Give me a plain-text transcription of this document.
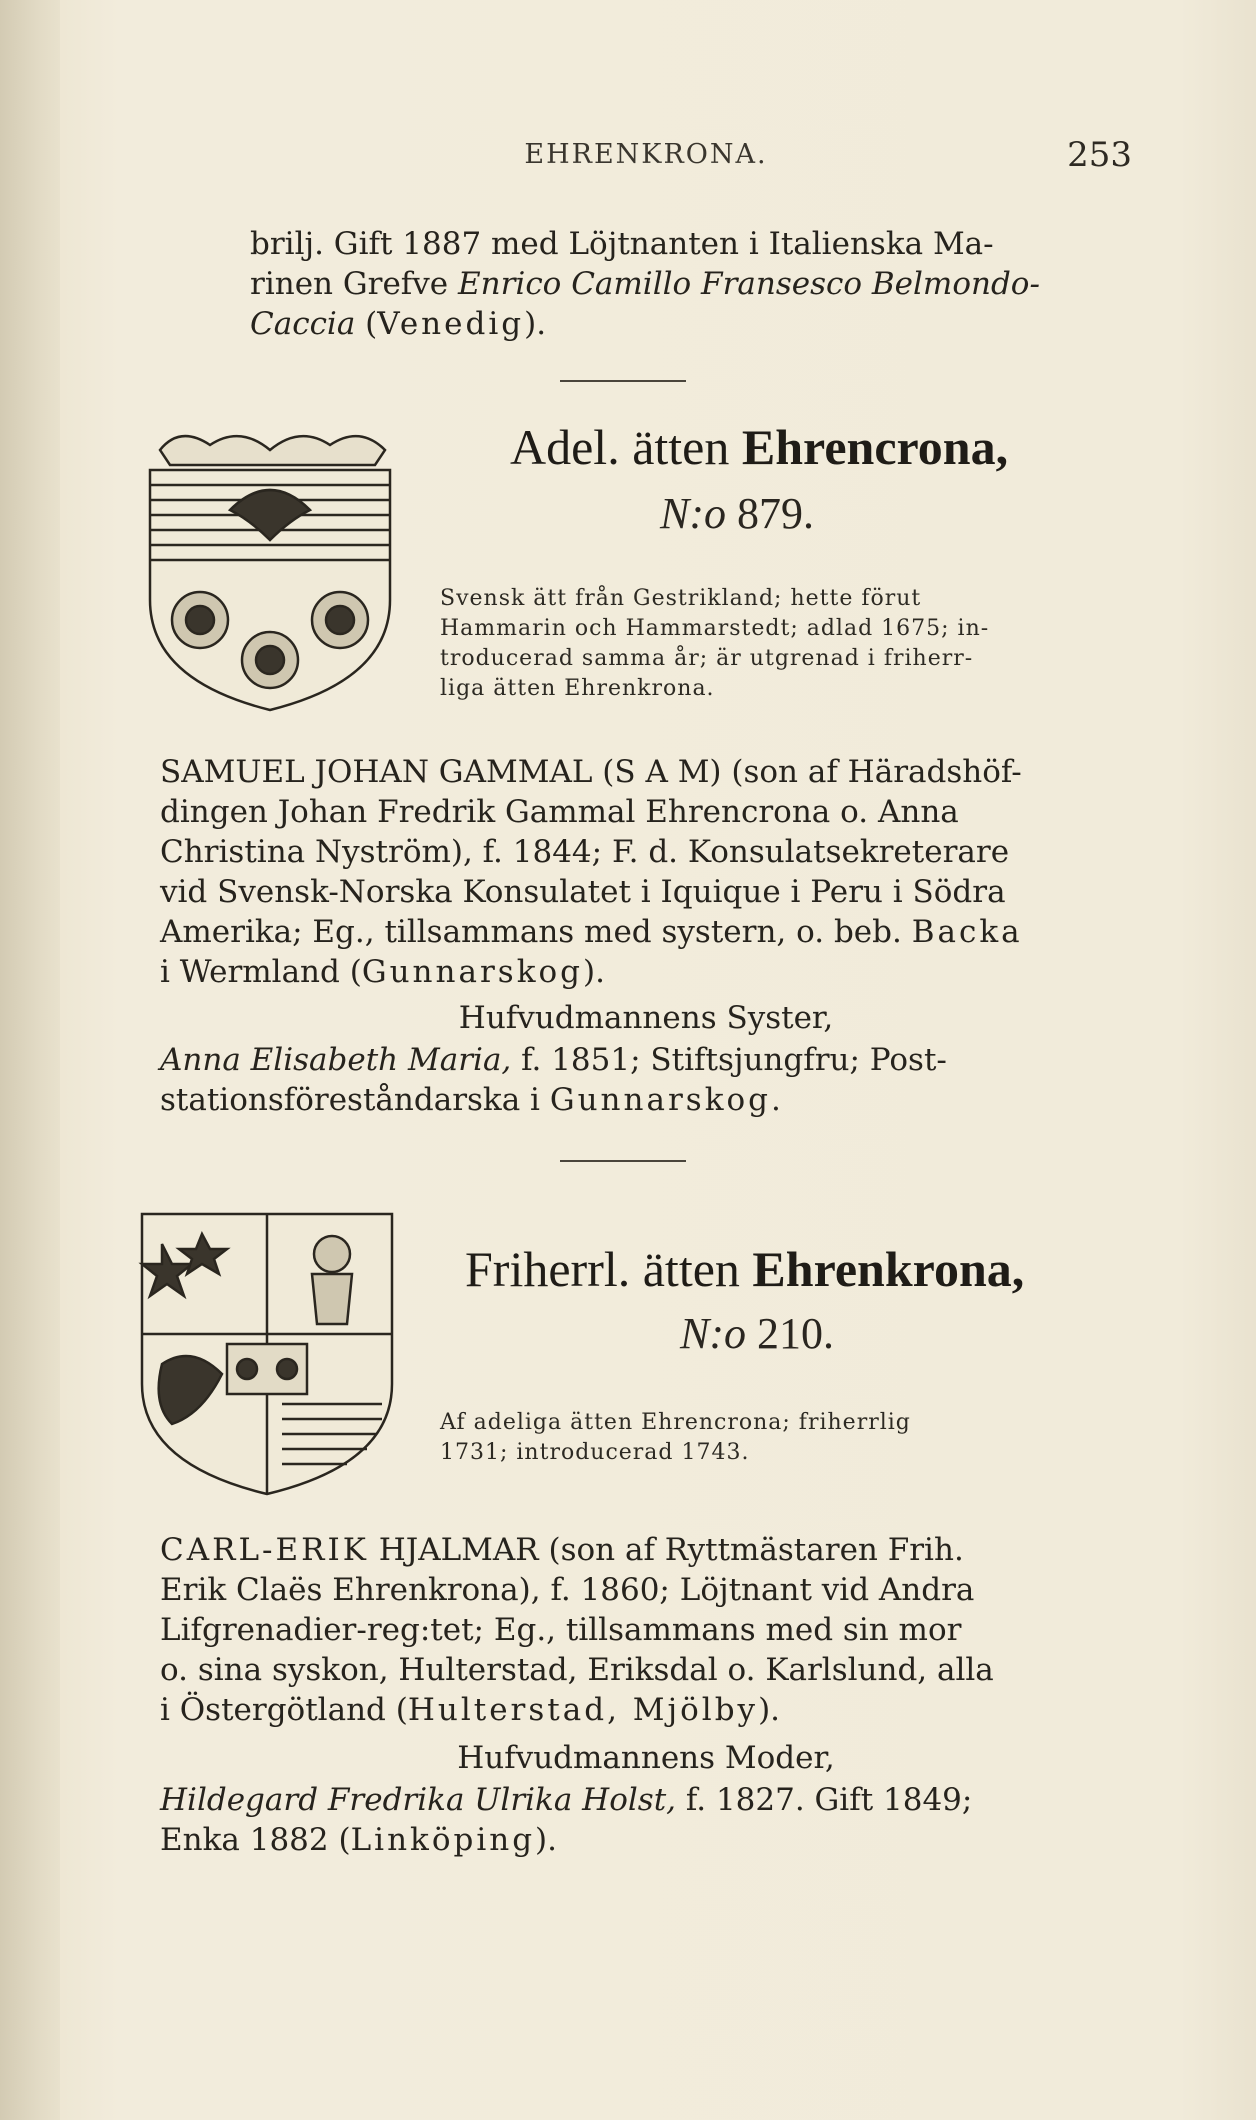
EHRENKRONA.	253
brilj. Gift 1887 med Löjtnanten i Italienska Ma-
rinen Grefve Enrico Camillo Fransesco Belmondo-
Caccia (Venedig).
Adel. ätten Ehrencrona,
N:o 879.
Svensk ätt från Gestrikland; hette förut
Hammarin och Hammarstedt; adlad 1675; in-
troducerad samma år; är utgrenad i friherr-
liga ätten Ehrenkrona.
SAMUEL JOHAN GAMMAL (S A M) (son af Häradshöf-
dingen Johan Fredrik Gammal Ehrencrona o. Anna
Christina Nyström), f. 1844; F. d. Konsulatsekreterare
vid Svensk-Norska Konsulatet i Iquique i Peru i Södra
Amerika; Eg., tillsammans med systern, o. beb. Backa
i Wermland (Gunnarskog).
Hufvudmannens Syster,
Anna Elisabeth Maria, f. 1851; Stiftsjungfru; Post-
stationsföreståndarska i Gunnarskog.
Friherrl. ätten Ehrenkrona,
N:o 210.
Af adeliga ätten Ehrencrona; friherrlig
1731; introducerad 1743.
CARL-ERIK HJALMAR (son af Ryttmästaren Frih.
Erik Claës Ehrenkrona), f. 1860; Löjtnant vid Andra
Lifgrenadier-reg:tet; Eg., tillsammans med sin mor
o. sina syskon, Hulterstad, Eriksdal o. Karlslund, alla
i Östergötland (Hulterstad, Mjölby).
Hufvudmannens Moder,
Hildegard Fredrika Ulrika Holst, f. 1827. Gift 1849;
Enka 1882 (Linköping).
